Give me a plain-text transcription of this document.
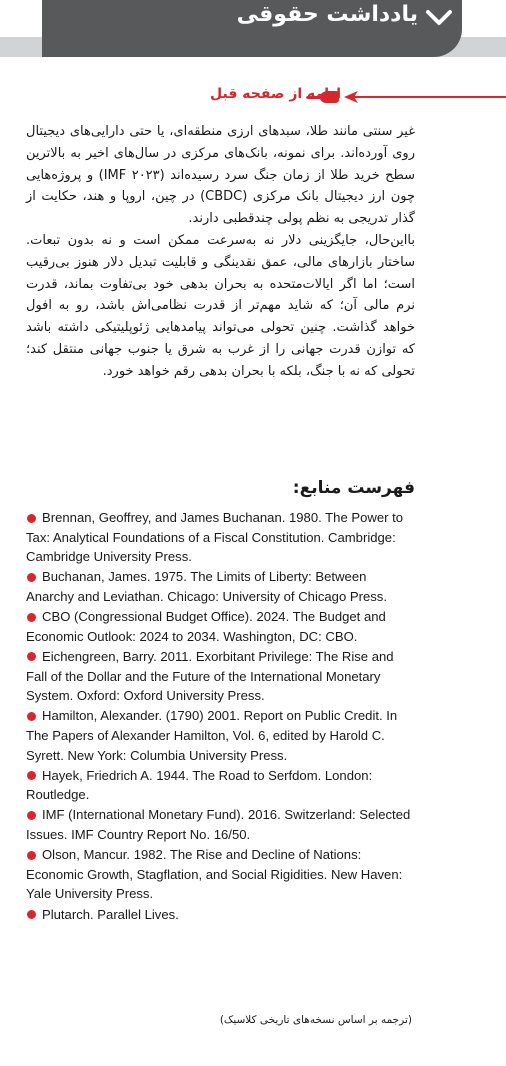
یادداشت حقوقی
ادامه از صفحه قبل

غیر سنتی مانند طلا، سبدهای ارزی منطقه‌ای، یا حتی دارایی‌های دیجیتال روی آورده‌اند. برای نمونه، بانک‌های مرکزی در سال‌های اخیر به بالاترین سطح خرید طلا از زمان جنگ سرد رسیده‌اند (IMF ۲۰۲۳) و پروژه‌هایی چون ارز دیجیتال بانک مرکزی (CBDC) در چین، اروپا و هند، حکایت از گذار تدریجی به نظم پولی چندقطبی دارند.

بااین‌حال، جایگزینی دلار نه به‌سرعت ممکن است و نه بدون تبعات. ساختار بازارهای مالی، عمق نقدینگی و قابلیت تبدیل دلار هنوز بی‌رقیب است؛ اما اگر ایالات‌متحده به بحران بدهی خود بی‌تفاوت بماند، قدرت نرم مالی آن؛ که شاید مهم‌تر از قدرت نظامی‌اش باشد، رو به افول خواهد گذاشت. چنین تحولی می‌تواند پیامدهایی ژئوپلیتیکی داشته باشد که توازن قدرت جهانی را از غرب به شرق یا جنوب جهانی منتقل کند؛ تحولی که نه با جنگ، بلکه با بحران بدهی رقم خواهد خورد.

فهرست منابع:
Brennan, Geoffrey, and James Buchanan. 1980. The Power to Tax: Analytical Foundations of a Fiscal Constitution. Cambridge: Cambridge University Press.
Buchanan, James. 1975. The Limits of Liberty: Between Anarchy and Leviathan. Chicago: University of Chicago Press.
CBO (Congressional Budget Office). 2024. The Budget and Economic Outlook: 2024 to 2034. Washington, DC: CBO.
Eichengreen, Barry. 2011. Exorbitant Privilege: The Rise and Fall of the Dollar and the Future of the International Monetary System. Oxford: Oxford University Press.
Hamilton, Alexander. (1790) 2001. Report on Public Credit. In The Papers of Alexander Hamilton, Vol. 6, edited by Harold C. Syrett. New York: Columbia University Press.
Hayek, Friedrich A. 1944. The Road to Serfdom. London: Routledge.
IMF (International Monetary Fund). 2016. Switzerland: Selected Issues. IMF Country Report No. 16/50.
Olson, Mancur. 1982. The Rise and Decline of Nations: Economic Growth, Stagflation, and Social Rigidities. New Haven: Yale University Press.
Plutarch. Parallel Lives.
(ترجمه بر اساس نسخه‌های تاریخی کلاسیک)
